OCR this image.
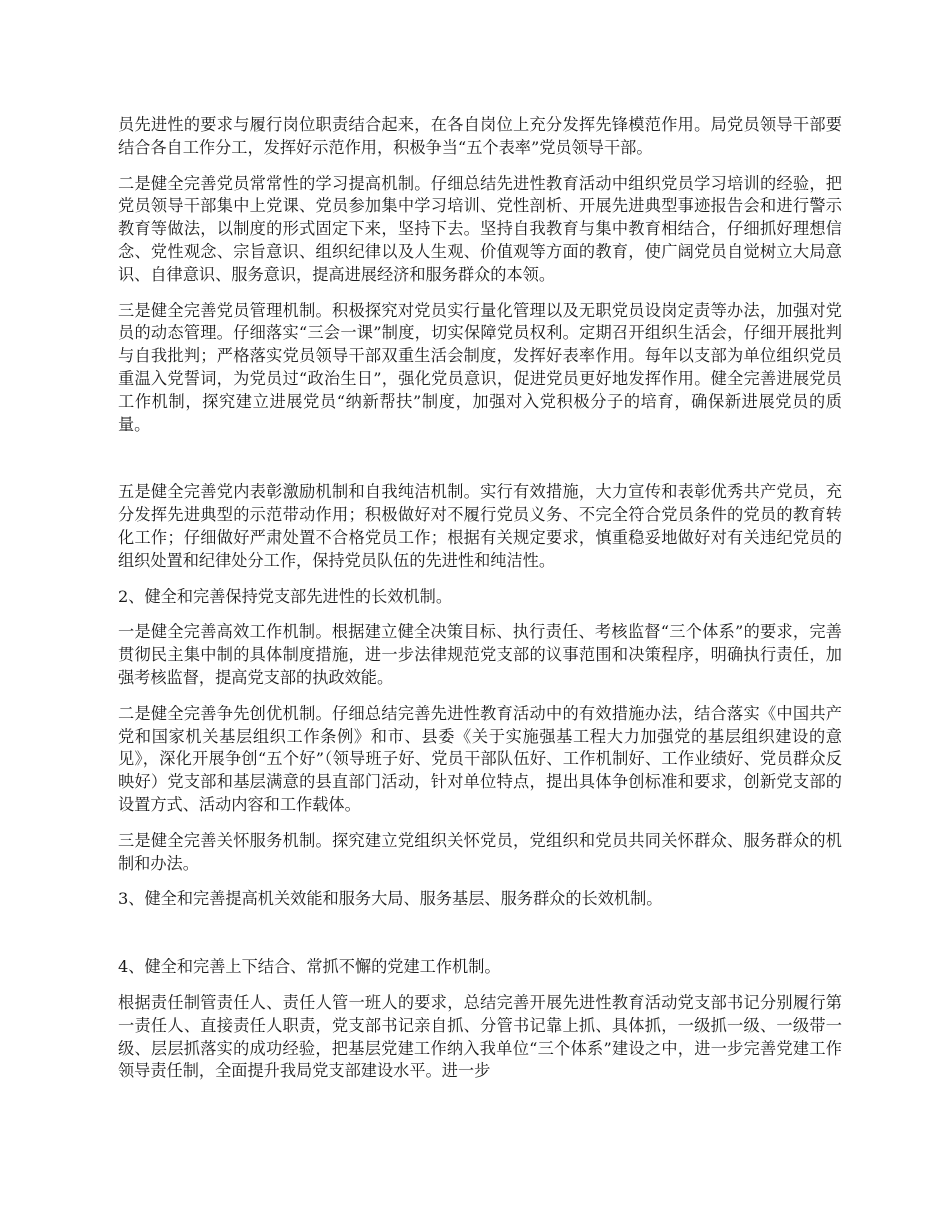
员先进性的要求与履行岗位职责结合起来，在各自岗位上充分发挥先锋模范作用。局党员领导干部要结合各自工作分工，发挥好示范作用，积极争当“五个表率”党员领导干部。

二是健全完善党员常常性的学习提高机制。仔细总结先进性教育活动中组织党员学习培训的经验，把党员领导干部集中上党课、党员参加集中学习培训、党性剖析、开展先进典型事迹报告会和进行警示教育等做法，以制度的形式固定下来，坚持下去。坚持自我教育与集中教育相结合，仔细抓好理想信念、党性观念、宗旨意识、组织纪律以及人生观、价值观等方面的教育，使广阔党员自觉树立大局意识、自律意识、服务意识，提高进展经济和服务群众的本领。

三是健全完善党员管理机制。积极探究对党员实行量化管理以及无职党员设岗定责等办法，加强对党员的动态管理。仔细落实“三会一课”制度，切实保障党员权利。定期召开组织生活会，仔细开展批判与自我批判；严格落实党员领导干部双重生活会制度，发挥好表率作用。每年以支部为单位组织党员重温入党誓词，为党员过“政治生日”，强化党员意识，促进党员更好地发挥作用。健全完善进展党员工作机制，探究建立进展党员“纳新帮扶”制度，加强对入党积极分子的培育，确保新进展党员的质量。

五是健全完善党内表彰激励机制和自我纯洁机制。实行有效措施，大力宣传和表彰优秀共产党员，充分发挥先进典型的示范带动作用；积极做好对不履行党员义务、不完全符合党员条件的党员的教育转化工作；仔细做好严肃处置不合格党员工作；根据有关规定要求，慎重稳妥地做好对有关违纪党员的组织处置和纪律处分工作，保持党员队伍的先进性和纯洁性。

2、健全和完善保持党支部先进性的长效机制。

一是健全完善高效工作机制。根据建立健全决策目标、执行责任、考核监督“三个体系”的要求，完善贯彻民主集中制的具体制度措施，进一步法律规范党支部的议事范围和决策程序，明确执行责任，加强考核监督，提高党支部的执政效能。

二是健全完善争先创优机制。仔细总结完善先进性教育活动中的有效措施办法，结合落实《中国共产党和国家机关基层组织工作条例》和市、县委《关于实施强基工程大力加强党的基层组织建设的意见》，深化开展争创“五个好”（领导班子好、党员干部队伍好、工作机制好、工作业绩好、党员群众反映好）党支部和基层满意的县直部门活动，针对单位特点，提出具体争创标准和要求，创新党支部的设置方式、活动内容和工作载体。

三是健全完善关怀服务机制。探究建立党组织关怀党员，党组织和党员共同关怀群众、服务群众的机制和办法。

3、健全和完善提高机关效能和服务大局、服务基层、服务群众的长效机制。

4、健全和完善上下结合、常抓不懈的党建工作机制。

根据责任制管责任人、责任人管一班人的要求，总结完善开展先进性教育活动党支部书记分别履行第一责任人、直接责任人职责，党支部书记亲自抓、分管书记靠上抓、具体抓，一级抓一级、一级带一级、层层抓落实的成功经验，把基层党建工作纳入我单位“三个体系”建设之中，进一步完善党建工作领导责任制，全面提升我局党支部建设水平。进一步
